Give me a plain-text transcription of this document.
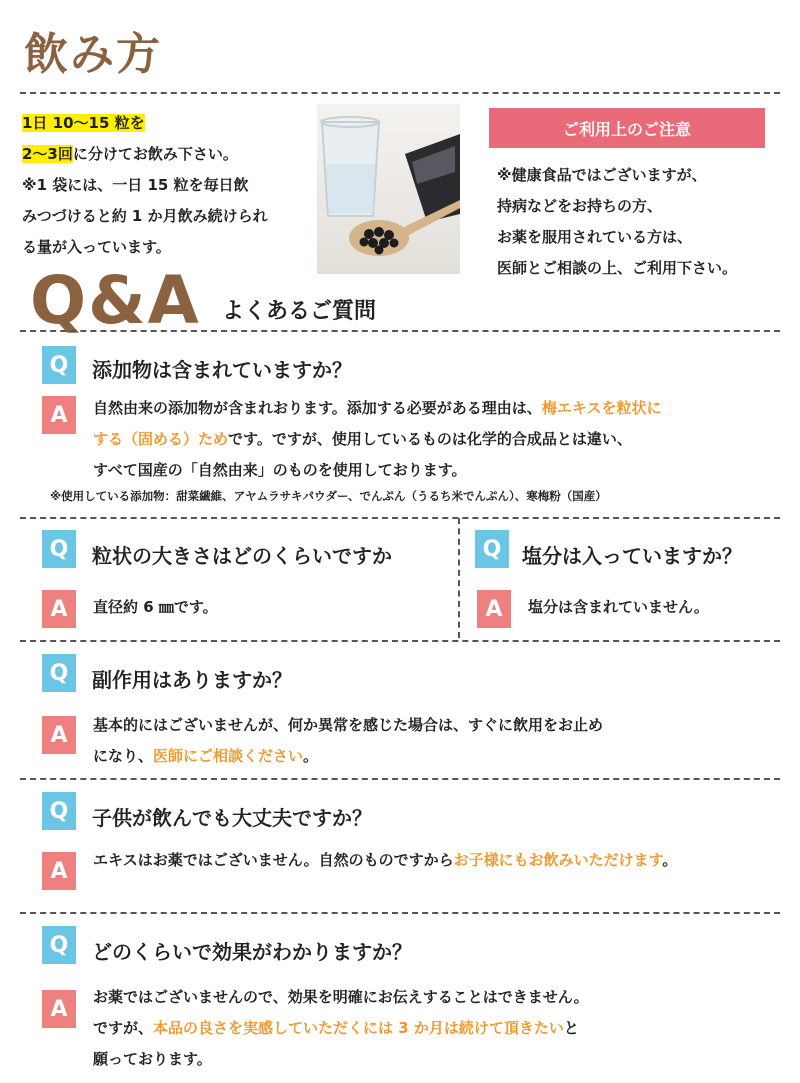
飲み方
1日 10〜15 粒を
2〜3回に分けてお飲み下さい。
※1 袋には、一日 15 粒を毎日飲
みつづけると約 1 か月飲み続けられ
る量が入っています。
ご利用上のご注意
※健康食品ではございますが、
持病などをお持ちの方、
お薬を服用されている方は、
医師とご相談の上、ご利用下さい。
Q&A よくあるご質問
Q	添加物は含まれていますか？
A	自然由来の添加物が含まれおります。添加する必要がある理由は、梅エキスを粒状に
する（固める）ためです。ですが、使用しているものは化学的合成品とは違い、
すべて国産の「自然由来」のものを使用しております。
※使用している添加物：甜菜繊維、アヤムラサキパウダー、でんぷん（うるち米でんぷん）、寒梅粉（国産）
Q	粒状の大きさはどのくらいですか
A	直径約 6 ㎜です。
Q	塩分は入っていますか？
A	塩分は含まれていません。
Q	副作用はありますか？
A	基本的にはございませんが、何か異常を感じた場合は、すぐに飲用をお止め
になり、医師にご相談ください。
Q	子供が飲んでも大丈夫ですか？
A	エキスはお薬ではございません。自然のものですからお子様にもお飲みいただけます。
Q	どのくらいで効果がわかりますか？
A	お薬ではございませんので、効果を明確にお伝えすることはできません。
ですが、本品の良さを実感していただくには 3 か月は続けて頂きたいと
願っております。
